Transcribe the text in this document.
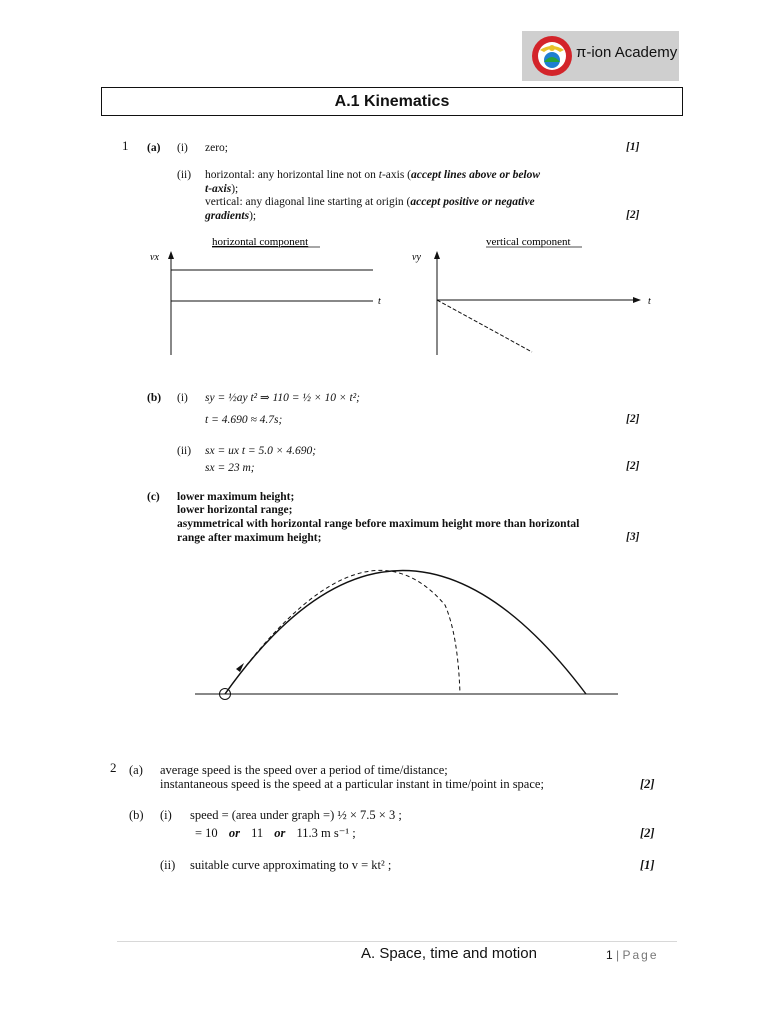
π-ion Academy
A.1 Kinematics
1 (a) (i) zero;	[1]
(ii) horizontal: any horizontal line not on t-axis (accept lines above or below
t-axis);
vertical: any diagonal line starting at origin (accept positive or negative
gradients);	[2]
horizontal component
vx
t
vertical component
vy
t
(b) (i) sy = ½ay t² ⇒ 110 = ½ × 10 × t²;
t = 4.690 ≈ 4.7s;	[2]
(ii) sx = ux t = 5.0 × 4.690;
sx = 23 m;	[2]
(c) lower maximum height;
lower horizontal range;
asymmetrical with horizontal range before maximum height more than horizontal
range after maximum height;	[3]
2 (a) average speed is the speed over a period of time/distance;
instantaneous speed is the speed at a particular instant in time/point in space;	[2]
(b) (i) speed = (area under graph =) ½ × 7.5 × 3 ;
= 10 or 11 or 11.3 m s⁻¹ ;	[2]
(ii) suitable curve approximating to v = kt² ;	[1]
A. Space, time and motion	1 | Page
